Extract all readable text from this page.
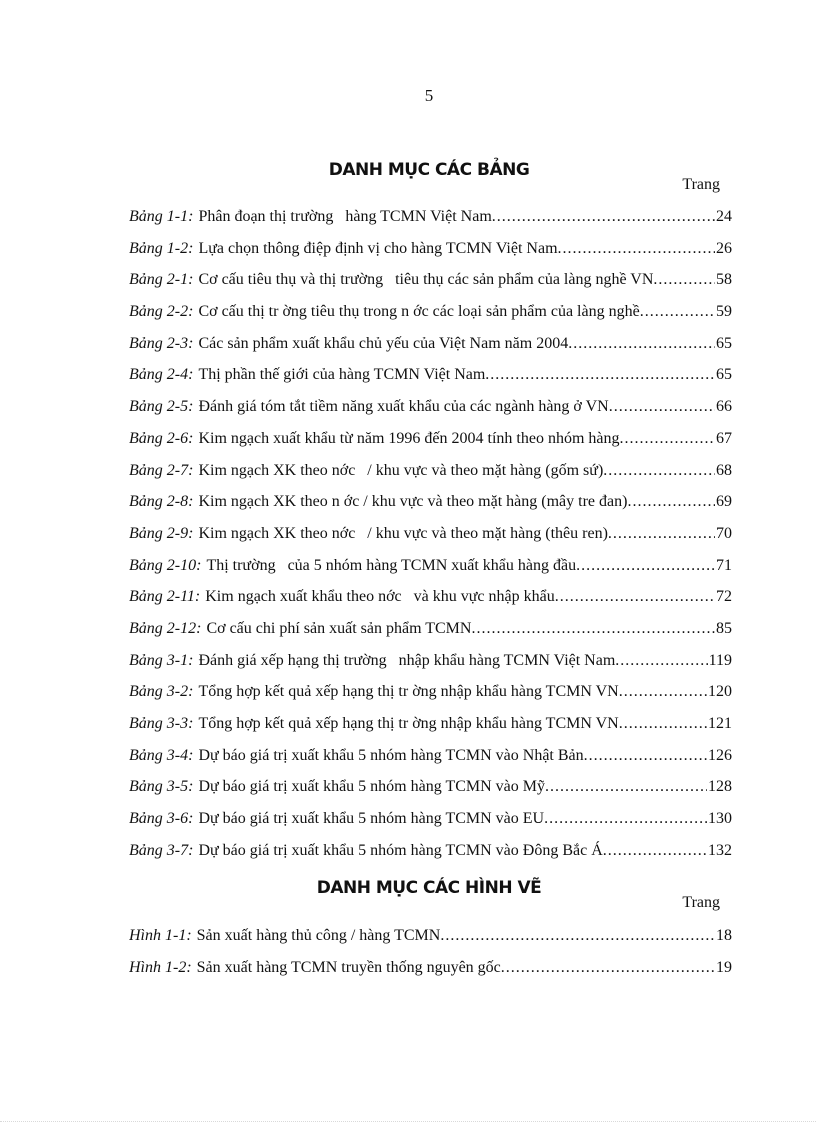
5
DANH MỤC CÁC BẢNG
Trang
Bảng 1-1: Phân đoạn thị trường   hàng TCMN Việt Nam .....	24
Bảng 1-2: Lựa chọn thông điệp định vị cho hàng TCMN Việt Nam .....	26
Bảng 2-1: Cơ cấu tiêu thụ và thị trường   tiêu thụ các sản phẩm của làng nghề VN .....	58
Bảng 2-2: Cơ cấu thị tr ờng tiêu thụ trong n ớc các loại sản phẩm của làng nghề .....	59
Bảng 2-3: Các sản phẩm xuất khẩu chủ yếu của Việt Nam năm 2004 .....	65
Bảng 2-4: Thị phần thế giới của hàng TCMN Việt Nam .....	65
Bảng 2-5: Đánh giá tóm tắt tiềm năng xuất khẩu của các ngành hàng ở VN .....	66
Bảng 2-6: Kim ngạch xuất khẩu từ năm 1996 đến 2004 tính theo nhóm hàng .....	67
Bảng 2-7: Kim ngạch XK theo nớc   / khu vực và theo mặt hàng (gốm sứ) .....	68
Bảng 2-8: Kim ngạch XK theo n ớc / khu vực và theo mặt hàng (mây tre đan) .....	69
Bảng 2-9: Kim ngạch XK theo nớc   / khu vực và theo mặt hàng (thêu ren) .....	70
Bảng 2-10: Thị trường   của 5 nhóm hàng TCMN xuất khẩu hàng đầu .....	71
Bảng 2-11: Kim ngạch xuất khẩu theo nớc   và khu vực nhập khẩu .....	72
Bảng 2-12: Cơ cấu chi phí sản xuất sản phẩm TCMN .....	85
Bảng 3-1: Đánh giá xếp hạng thị trường   nhập khẩu hàng TCMN Việt Nam .....	119
Bảng 3-2: Tổng hợp kết quả xếp hạng thị tr ờng nhập khẩu hàng TCMN VN .....	120
Bảng 3-3: Tổng hợp kết quả xếp hạng thị tr ờng nhập khẩu hàng TCMN VN .....	121
Bảng 3-4: Dự báo giá trị xuất khẩu 5 nhóm hàng TCMN vào Nhật Bản .....	126
Bảng 3-5: Dự báo giá trị xuất khẩu 5 nhóm hàng TCMN vào Mỹ .....	128
Bảng 3-6: Dự báo giá trị xuất khẩu 5 nhóm hàng TCMN vào EU .....	130
Bảng 3-7: Dự báo giá trị xuất khẩu 5 nhóm hàng TCMN vào Đông Bắc Á .....	132
DANH MỤC CÁC HÌNH VẼ
Trang
Hình 1-1: Sản xuất hàng thủ công / hàng TCMN .....	18
Hình 1-2: Sản xuất hàng TCMN truyền thống nguyên gốc .....	19
